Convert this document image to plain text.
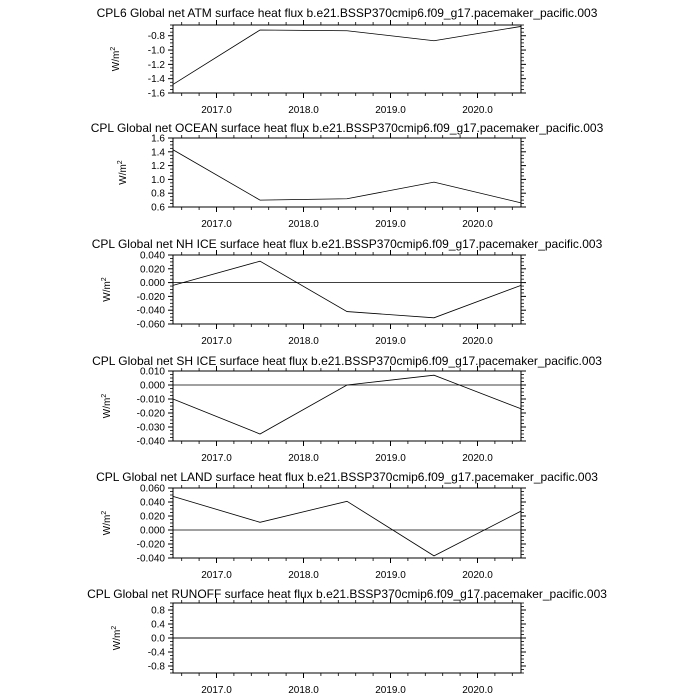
CPL6 Global net ATM surface heat flux b.e21.BSSP370cmip6.f09_g17.pacemaker_pacific.003
$W/m^2$
-1.6
-1.4
-1.2
-1.0
-0.8
2017.0	2018.0	2019.0	2020.0
CPL Global net OCEAN surface heat flux b.e21.BSSP370cmip6.f09_g17.pacemaker_pacific.003
$W/m^2$
0.6
0.8
1.0
1.2
1.4
1.6
2017.0	2018.0	2019.0	2020.0
CPL Global net NH ICE surface heat flux b.e21.BSSP370cmip6.f09_g17.pacemaker_pacific.003
$W/m^2$
-0.060
-0.040
-0.020
0.000
0.020
0.040
2017.0	2018.0	2019.0	2020.0
CPL Global net SH ICE surface heat flux b.e21.BSSP370cmip6.f09_g17.pacemaker_pacific.003
$W/m^2$
-0.040
-0.030
-0.020
-0.010
0.000
0.010
2017.0	2018.0	2019.0	2020.0
CPL Global net LAND surface heat flux b.e21.BSSP370cmip6.f09_g17.pacemaker_pacific.003
$W/m^2$
-0.040
-0.020
0.000
0.020
0.040
0.060
2017.0	2018.0	2019.0	2020.0
CPL Global net RUNOFF surface heat flux b.e21.BSSP370cmip6.f09_g17.pacemaker_pacific.003
$W/m^2$
-0.8
-0.4
0.0
0.4
0.8
2017.0	2018.0	2019.0	2020.0
